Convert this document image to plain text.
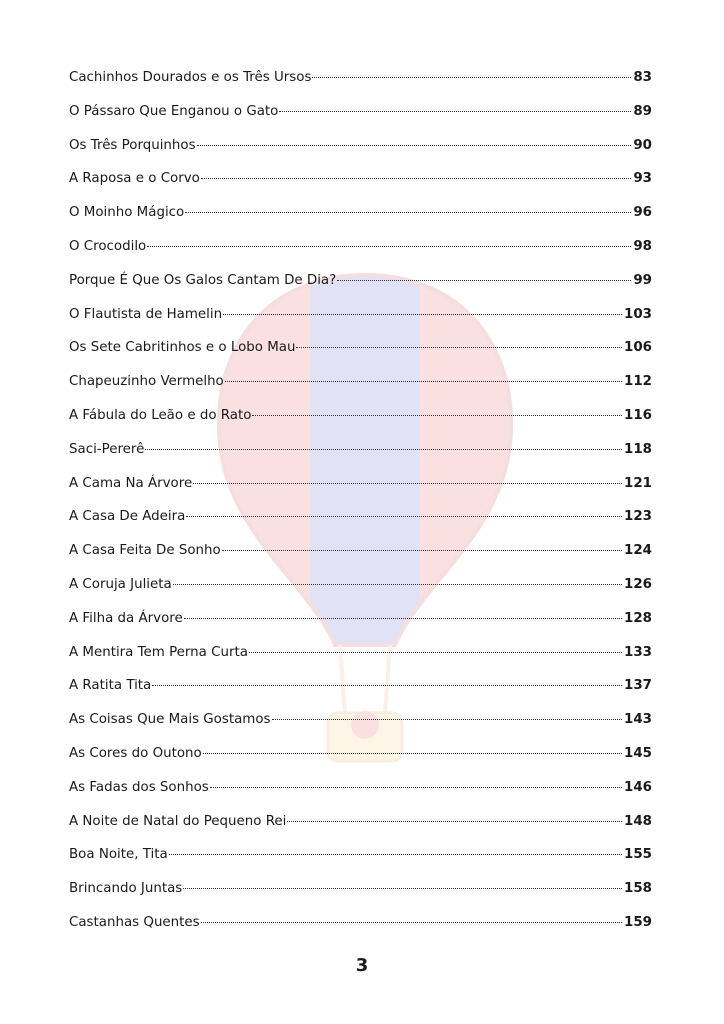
Cachinhos Dourados e os Três Ursos	83
O Pássaro Que Enganou o Gato	89
Os Três Porquinhos	90
A Raposa e o Corvo	93
O Moinho Mágico	96
O Crocodilo	98
Porque É Que Os Galos Cantam De Dia?	99
O Flautista de Hamelin	103
Os Sete Cabritinhos e o Lobo Mau	106
Chapeuzinho Vermelho	112
A Fábula do Leão e do Rato	116
Saci-Pererê	118
A Cama Na Árvore	121
A Casa De Adeira	123
A Casa Feita De Sonho	124
A Coruja Julieta	126
A Filha da Árvore	128
A Mentira Tem Perna Curta	133
A Ratita Tita	137
As Coisas Que Mais Gostamos	143
As Cores do Outono	145
As Fadas dos Sonhos	146
A Noite de Natal do Pequeno Rei	148
Boa Noite, Tita	155
Brincando Juntas	158
Castanhas Quentes	159
3
